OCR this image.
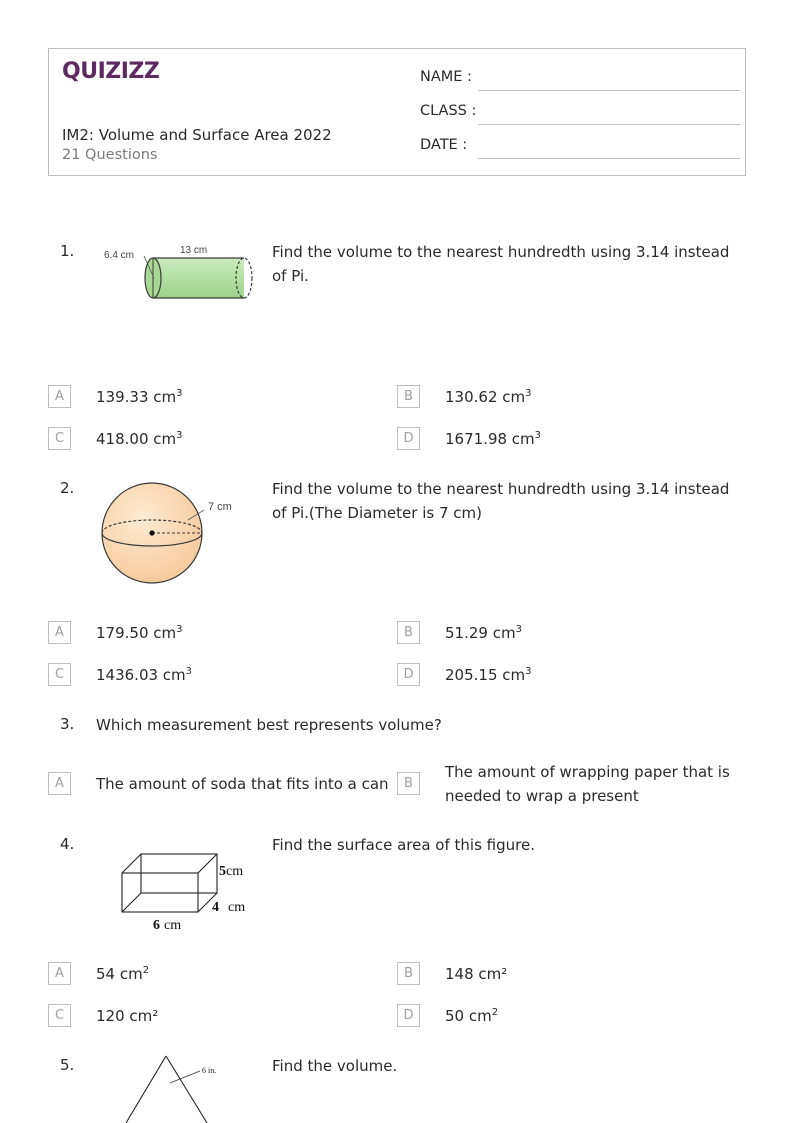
QUIZIZZ
IM2: Volume and Surface Area 2022
21 Questions
NAME :
CLASS :
DATE :
1.	6.4 cm	13 cm	Find the volume to the nearest hundredth using 3.14 instead of Pi.
A	139.33 $cm^3$	B	130.62 $cm^3$
C	418.00 $cm^3$	D	1671.98 $cm^3$
2.
7 cm
Find the volume to the nearest hundredth using 3.14 instead of Pi.(The Diameter is 7 cm)
A	179.50 $cm^3$	B	51.29 $cm^3$
C	1436.03 $cm^3$	D	205.15 $cm^3$
3. Which measurement best represents volume?
A	The amount of soda that fits into a can	B
The amount of wrapping paper that is needed to wrap a present
4.
5cm
4 cm
6 cm
Find the surface area of this figure.
A	54 $cm^2$	B	148 cm²
C	120 cm²	D	50 $cm^2$
5.	6 in.	Find the volume.
